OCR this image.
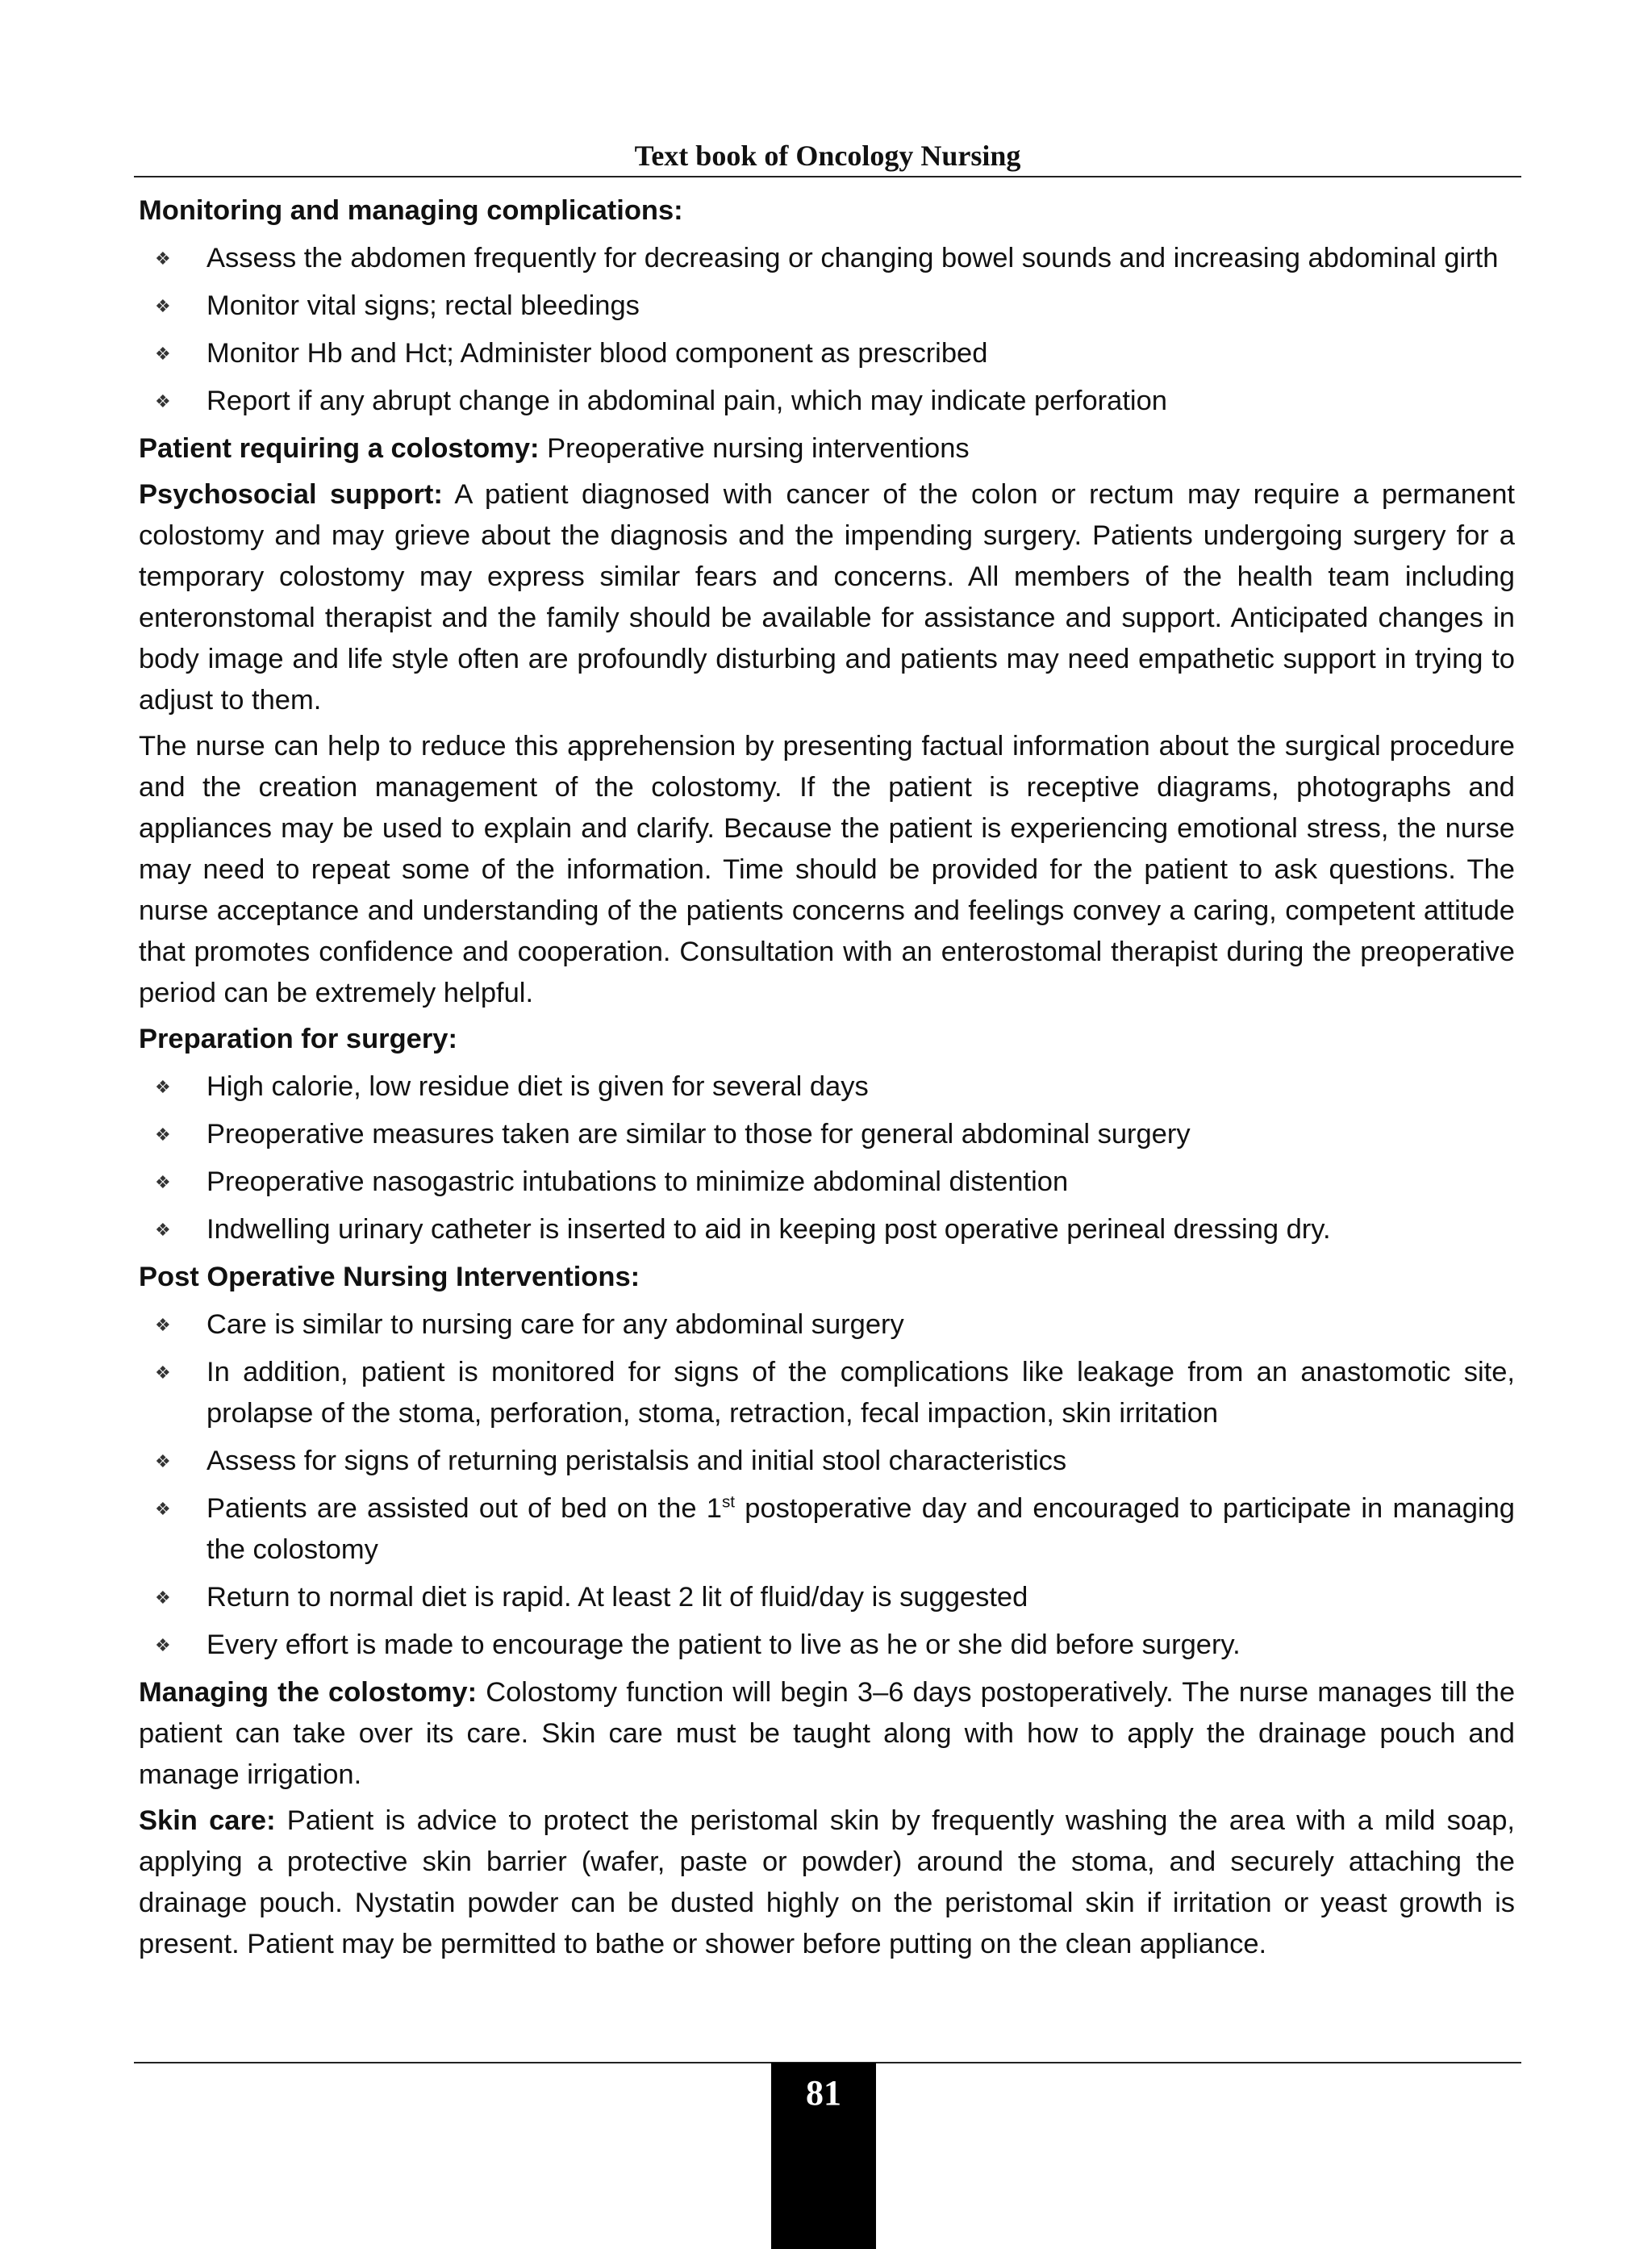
Text book of Oncology Nursing
Monitoring and managing complications:
❖ Assess the abdomen frequently for decreasing or changing bowel sounds and increasing abdominal girth
❖ Monitor vital signs; rectal bleedings
❖ Monitor Hb and Hct; Administer blood component as prescribed
❖ Report if any abrupt change in abdominal pain, which may indicate perforation
Patient requiring a colostomy: Preoperative nursing interventions
Psychosocial support: A patient diagnosed with cancer of the colon or rectum may require a permanent colostomy and may grieve about the diagnosis and the impending surgery. Patients undergoing surgery for a temporary colostomy may express similar fears and concerns. All members of the health team including enteronstomal therapist and the family should be available for assistance and support. Anticipated changes in body image and life style often are profoundly disturbing and patients may need empathetic support in trying to adjust to them.
The nurse can help to reduce this apprehension by presenting factual information about the surgical procedure and the creation management of the colostomy. If the patient is receptive diagrams, photographs and appliances may be used to explain and clarify. Because the patient is experiencing emotional stress, the nurse may need to repeat some of the information. Time should be provided for the patient to ask questions. The nurse acceptance and understanding of the patients concerns and feelings convey a caring, competent attitude that promotes confidence and cooperation. Consultation with an enterostomal therapist during the preoperative period can be extremely helpful.
Preparation for surgery:
❖ High calorie, low residue diet is given for several days
❖ Preoperative measures taken are similar to those for general abdominal surgery
❖ Preoperative nasogastric intubations to minimize abdominal distention
❖ Indwelling urinary catheter is inserted to aid in keeping post operative perineal dressing dry.
Post Operative Nursing Interventions:
❖ Care is similar to nursing care for any abdominal surgery
❖ In addition, patient is monitored for signs of the complications like leakage from an anastomotic site, prolapse of the stoma, perforation, stoma, retraction, fecal impaction, skin irritation
❖ Assess for signs of returning peristalsis and initial stool characteristics
❖ Patients are assisted out of bed on the 1st postoperative day and encouraged to participate in managing the colostomy
❖ Return to normal diet is rapid. At least 2 lit of fluid/day is suggested
❖ Every effort is made to encourage the patient to live as he or she did before surgery.
Managing the colostomy: Colostomy function will begin 3–6 days postoperatively. The nurse manages till the patient can take over its care. Skin care must be taught along with how to apply the drainage pouch and manage irrigation.
Skin care: Patient is advice to protect the peristomal skin by frequently washing the area with a mild soap, applying a protective skin barrier (wafer, paste or powder) around the stoma, and securely attaching the drainage pouch. Nystatin powder can be dusted highly on the peristomal skin if irritation or yeast growth is present. Patient may be permitted to bathe or shower before putting on the clean appliance.
81
